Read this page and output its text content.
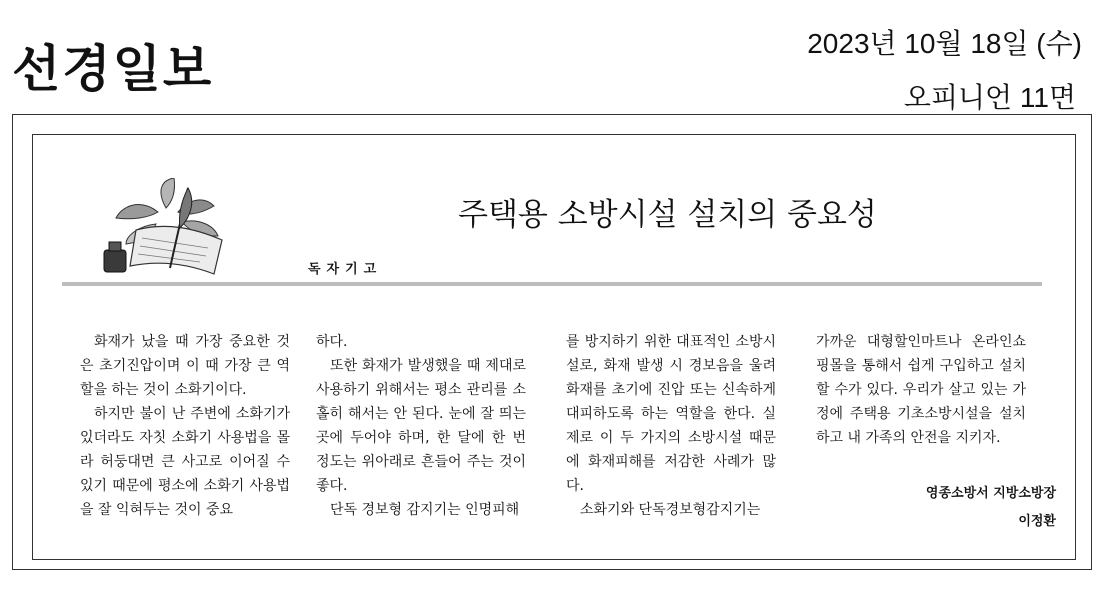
선경일보	2023년 10월 18일 (수)
오피니언 11면
주택용 소방시설 설치의 중요성
독자기고

화재가 났을 때 가장 중요한 것은 초기진압이며 이 때 가장 큰 역할을 하는 것이 소화기이다.

하지만 불이 난 주변에 소화기가 있더라도 자칫 소화기 사용법을 몰라 허둥대면 큰 사고로 이어질 수 있기 때문에 평소에 소화기 사용법을 잘 익혀두는 것이 중요

하다.

또한 화재가 발생했을 때 제대로 사용하기 위해서는 평소 관리를 소홀히 해서는 안 된다. 눈에 잘 띄는 곳에 두어야 하며, 한 달에 한 번 정도는 위아래로 흔들어 주는 것이 좋다.

단독 경보형 감지기는 인명피해

를 방지하기 위한 대표적인 소방시설로, 화재 발생 시 경보음을 울려 화재를 초기에 진압 또는 신속하게 대피하도록 하는 역할을 한다. 실제로 이 두 가지의 소방시설 때문에 화재피해를 저감한 사례가 많다.

소화기와 단독경보형감지기는

가까운 대형할인마트나 온라인쇼핑몰을 통해서 쉽게 구입하고 설치할 수가 있다. 우리가 살고 있는 가정에 주택용 기초소방시설을 설치하고 내 가족의 안전을 지키자.

영종소방서 지방소방장
이정환
